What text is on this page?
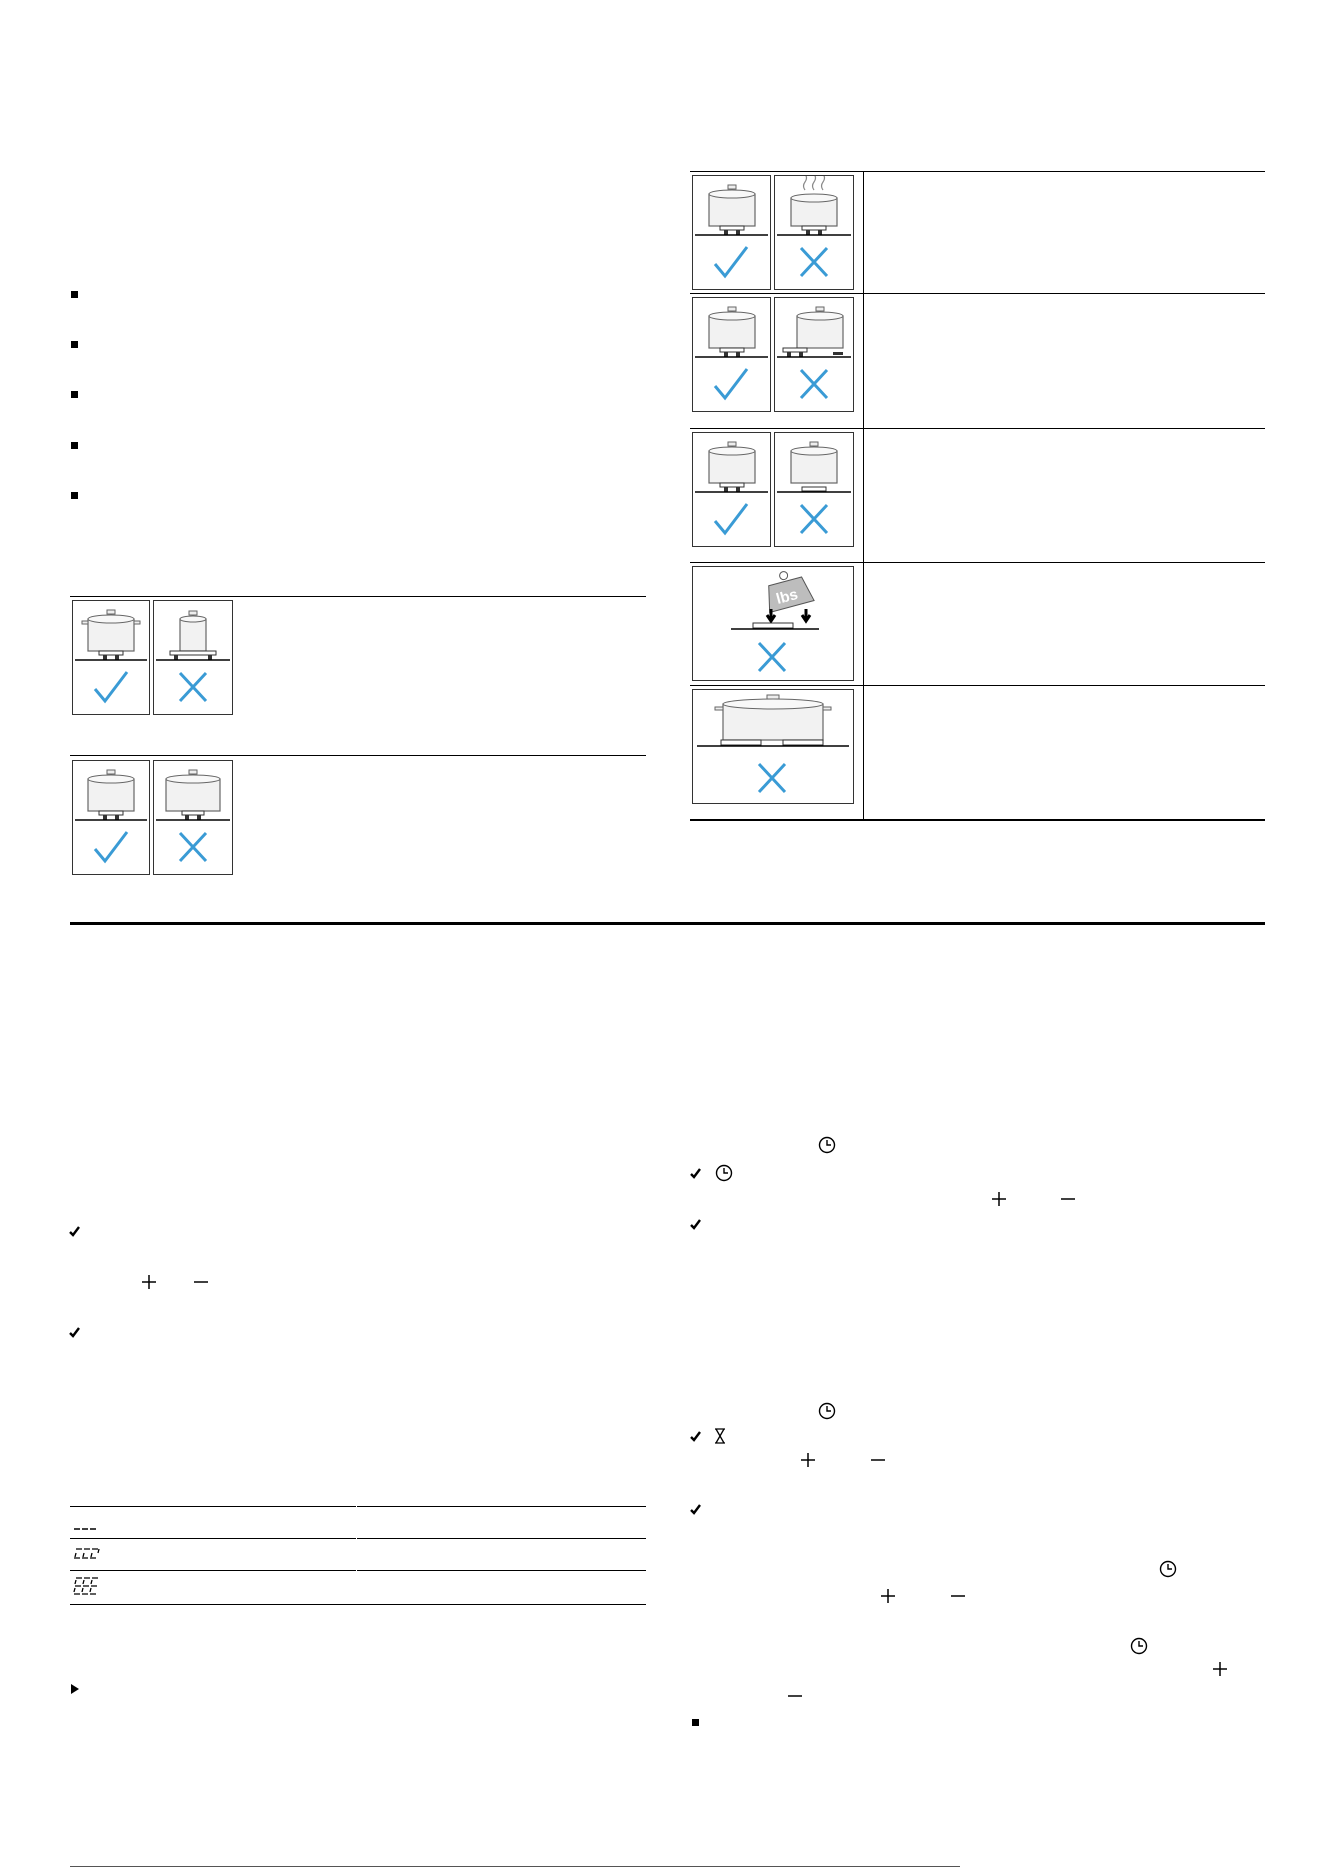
lbs
